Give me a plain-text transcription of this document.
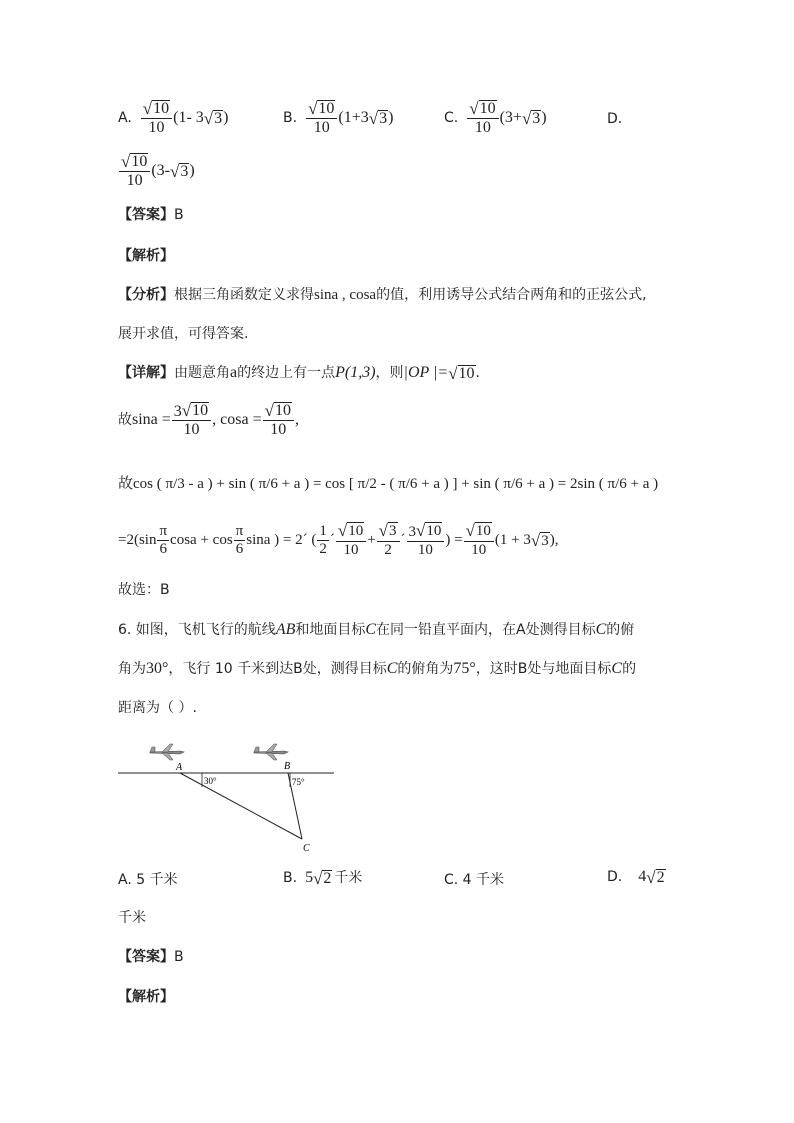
A. $\frac{√ 10}{10} (1-$ 3 √ 3 )	B. $\frac{√ 10}{10} (1+3$ √ 3 )	C. $\frac{√ 10}{10} (3+$ √ 3 )	D.
$\frac{√ 10}{10} (3-$ √ 3 )
【答案】B
【解析】
【分析】根据三角函数定义求得sina , cosa的值，利用诱导公式结合两角和的正弦公式,
展开求值，可得答案.
【详解】 由题意角 a 的终边上有一点 P(1,3) ，则 |OP |= √ 10 .
故 $\sin a = \frac{3 √ 10}{10}$ , $\cos a = \frac{√ 10}{10}$ ,
故cos ( π/3 - a ) + sin ( π/6 + a ) = cos [ π/2 - ( π/6 + a ) ] + sin ( π/6 + a ) = 2sin ( π/6 + a )
$=2(\sin \frac{\pi}{6}$ $\cos a + \cos \frac{\pi}{6}$ sina ) = 2´ ( $\frac{1}{2}$ ´ $\frac{√ 10}{10} + \frac{√ 3}{2}$ ´ $\frac{3 √ 10}{10}$ ) = $\frac{√ 10}{10} (1 + 3$ √ 3 ),
故选：B
6. 如图，飞机飞行的航线AB和地面目标C在同一铅直平面内，在A处测得目标C的俯
角为30°，飞行 10 千米到达B处，测得目标C的俯角为75°，这时B处与地面目标C的
距离为（ ）.
A	B
C
30°	75°
A. 5 千米	B. 5 √ 2 千米	C. 4 千米	D. 4 √ 2
千米
【答案】B
【解析】
